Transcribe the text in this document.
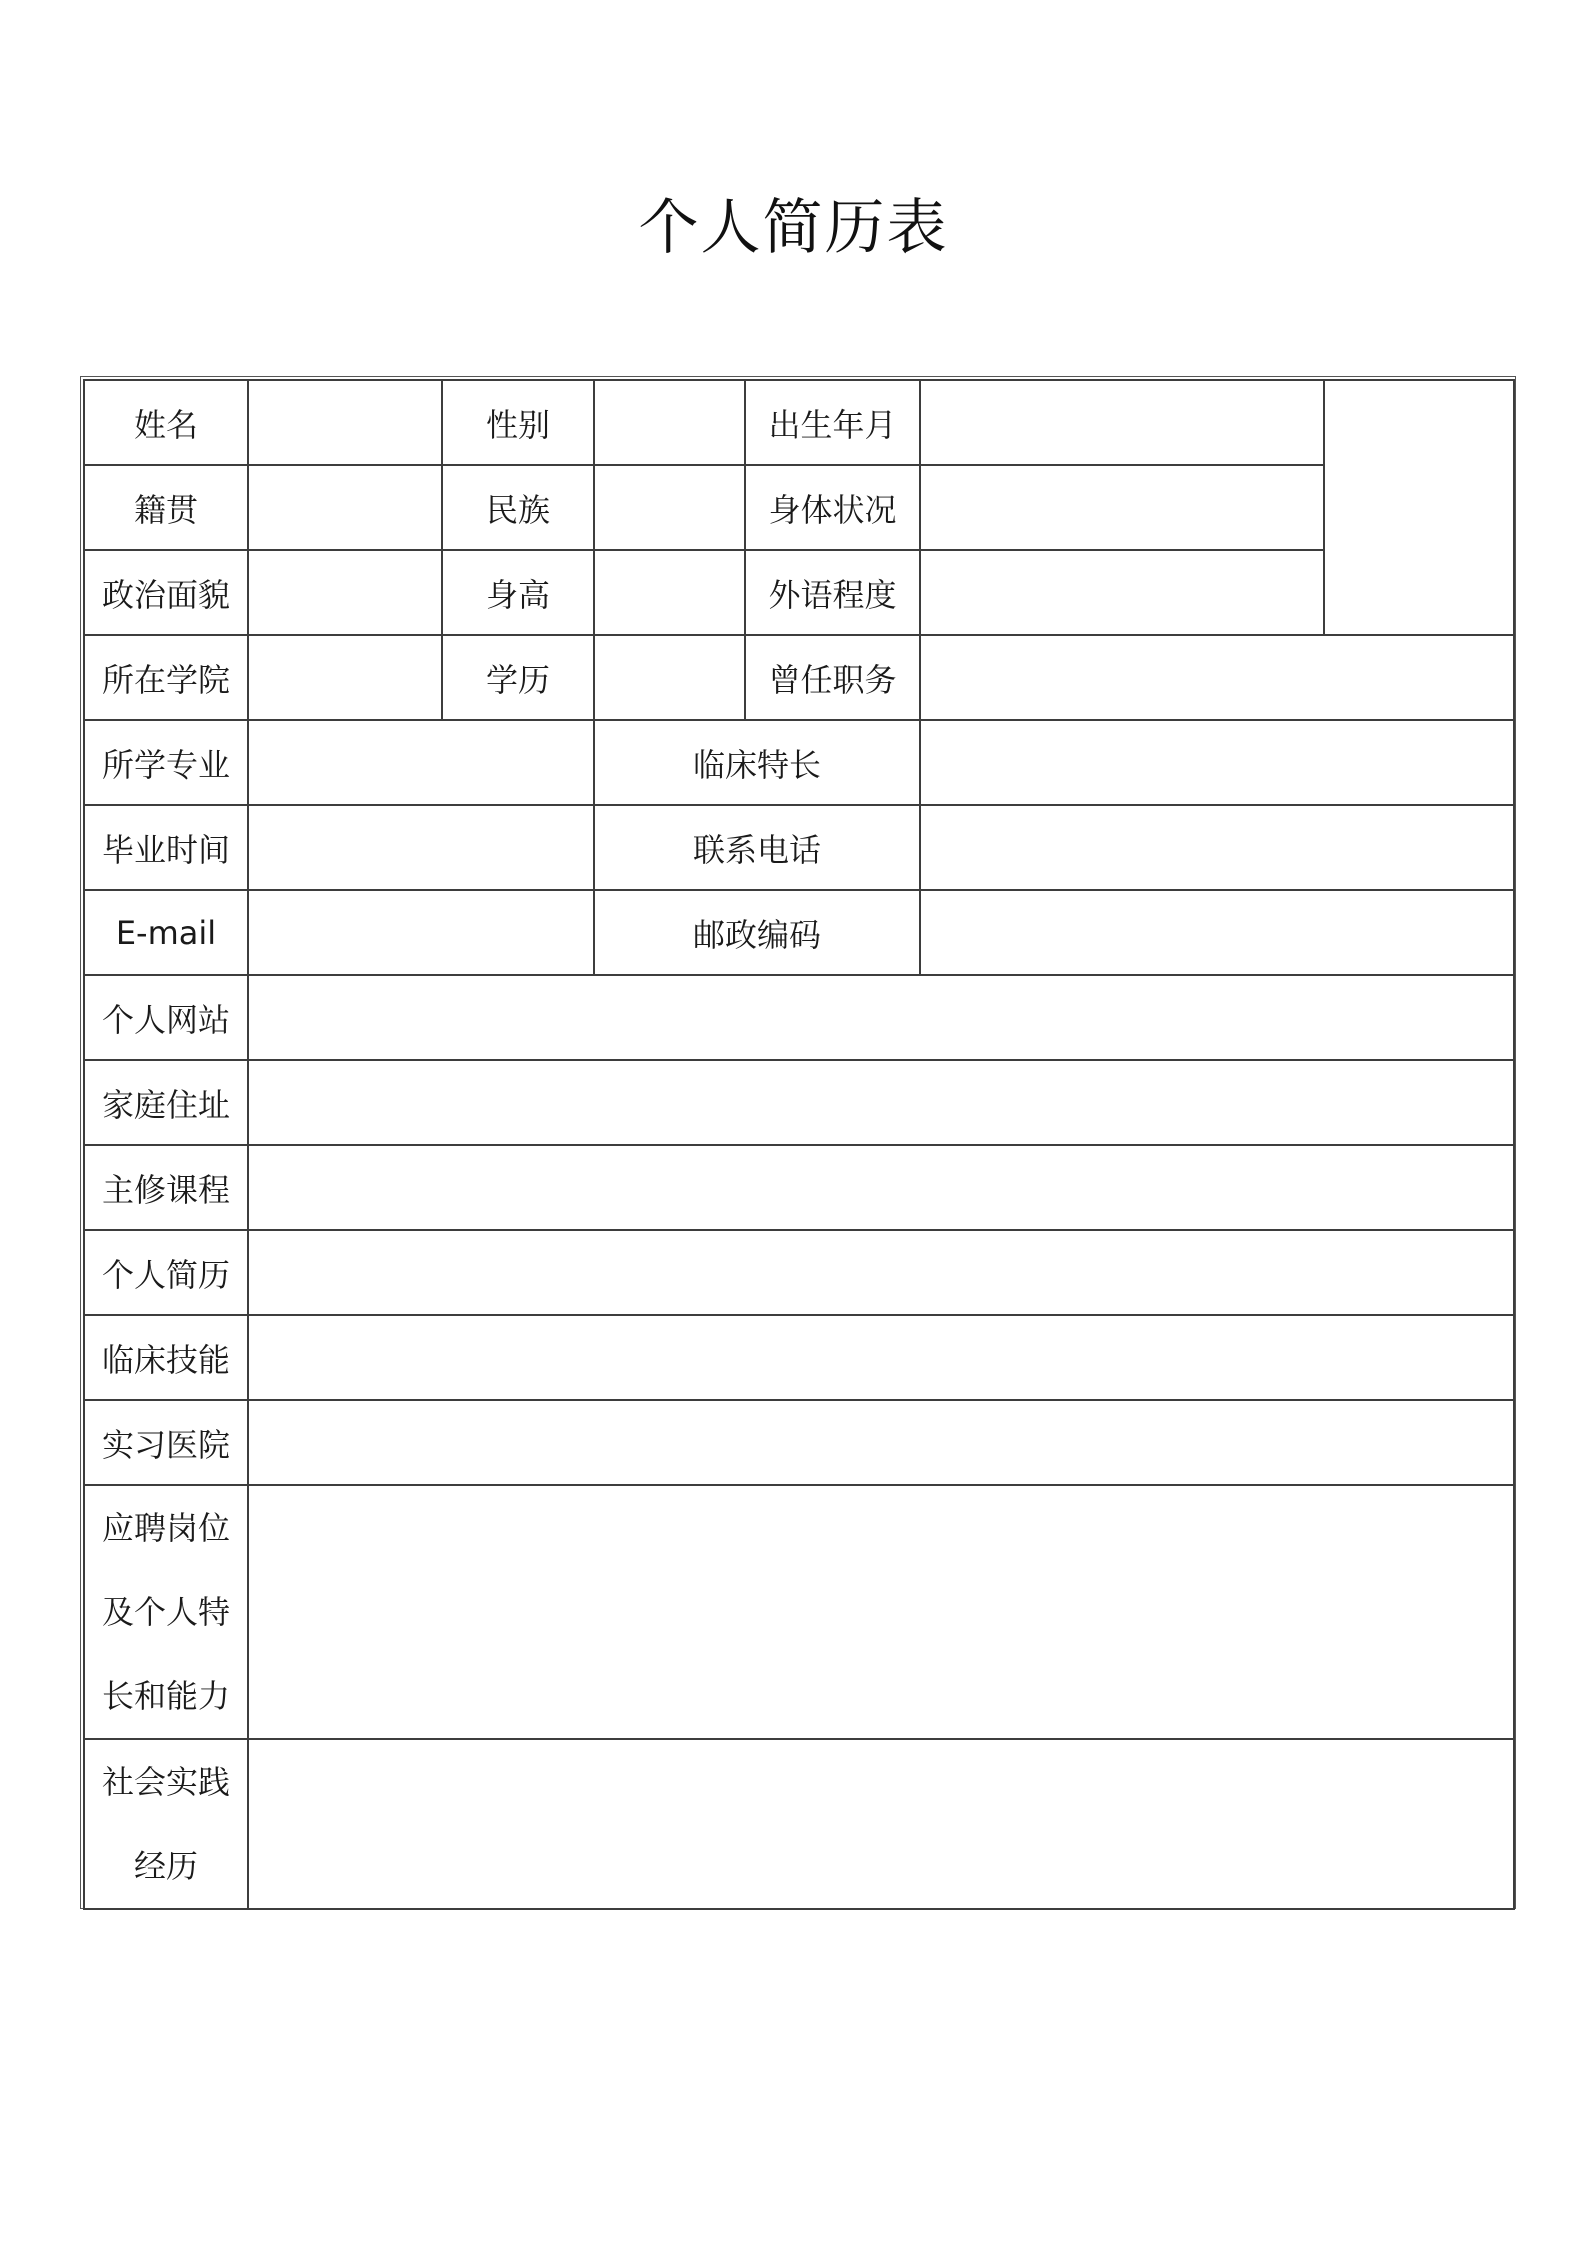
个人简历表
姓名		性别		出生年月		
籍贯		民族		身体状况		
政治面貌		身高		外语程度		
所在学院		学历		曾任职务		
所学专业			临床特长			
毕业时间			联系电话			
E-mail			邮政编码			
个人网站						
家庭住址						
主修课程						
个人简历						
临床技能						
实习医院						

应聘岗位
及个人特
长和能力						

社会实践
经历						
